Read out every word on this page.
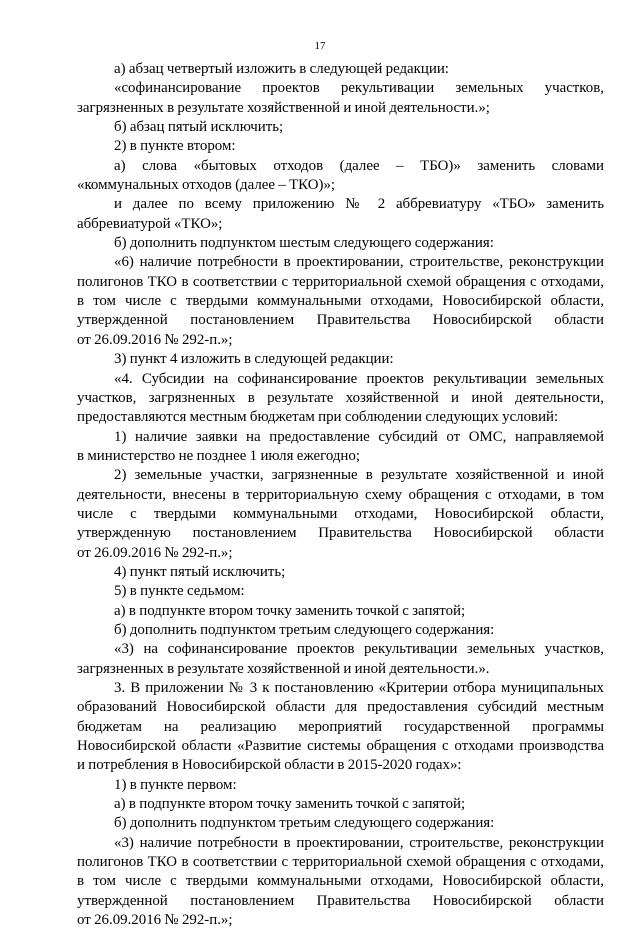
17
а) абзац четвертый изложить в следующей редакции:
«софинансирование проектов рекультивации земельных участков,
загрязненных в результате хозяйственной и иной деятельности.»;
б) абзац пятый исключить;
2) в пункте втором:
а) слова «бытовых отходов (далее – ТБО)» заменить словами
«коммунальных отходов (далее – ТКО)»;
и далее по всему приложению № 2 аббревиатуру «ТБО» заменить
аббревиатурой «ТКО»;
б) дополнить подпунктом шестым следующего содержания:
«6) наличие потребности в проектировании, строительстве, реконструкции
полигонов ТКО в соответствии с территориальной схемой обращения с отходами,
в том числе с твердыми коммунальными отходами, Новосибирской области,
утвержденной постановлением Правительства Новосибирской области
от 26.09.2016 № 292-п.»;
3) пункт 4 изложить в следующей редакции:
«4. Субсидии на софинансирование проектов рекультивации земельных
участков, загрязненных в результате хозяйственной и иной деятельности,
предоставляются местным бюджетам при соблюдении следующих условий:
1) наличие заявки на предоставление субсидий от ОМС, направляемой
в министерство не позднее 1 июля ежегодно;
2) земельные участки, загрязненные в результате хозяйственной и иной
деятельности, внесены в территориальную схему обращения с отходами, в том
числе с твердыми коммунальными отходами, Новосибирской области,
утвержденную постановлением Правительства Новосибирской области
от 26.09.2016 № 292-п.»;
4) пункт пятый исключить;
5) в пункте седьмом:
а) в подпункте втором точку заменить точкой с запятой;
б) дополнить подпунктом третьим следующего содержания:
«3) на софинансирование проектов рекультивации земельных участков,
загрязненных в результате хозяйственной и иной деятельности.».
3. В приложении № 3 к постановлению «Критерии отбора муниципальных
образований Новосибирской области для предоставления субсидий местным
бюджетам на реализацию мероприятий государственной программы
Новосибирской области «Развитие системы обращения с отходами производства
и потребления в Новосибирской области в 2015-2020 годах»:
1) в пункте первом:
а) в подпункте втором точку заменить точкой с запятой;
б) дополнить подпунктом третьим следующего содержания:
«3) наличие потребности в проектировании, строительстве, реконструкции
полигонов ТКО в соответствии с территориальной схемой обращения с отходами,
в том числе с твердыми коммунальными отходами, Новосибирской области,
утвержденной постановлением Правительства Новосибирской области
от 26.09.2016 № 292-п.»;
